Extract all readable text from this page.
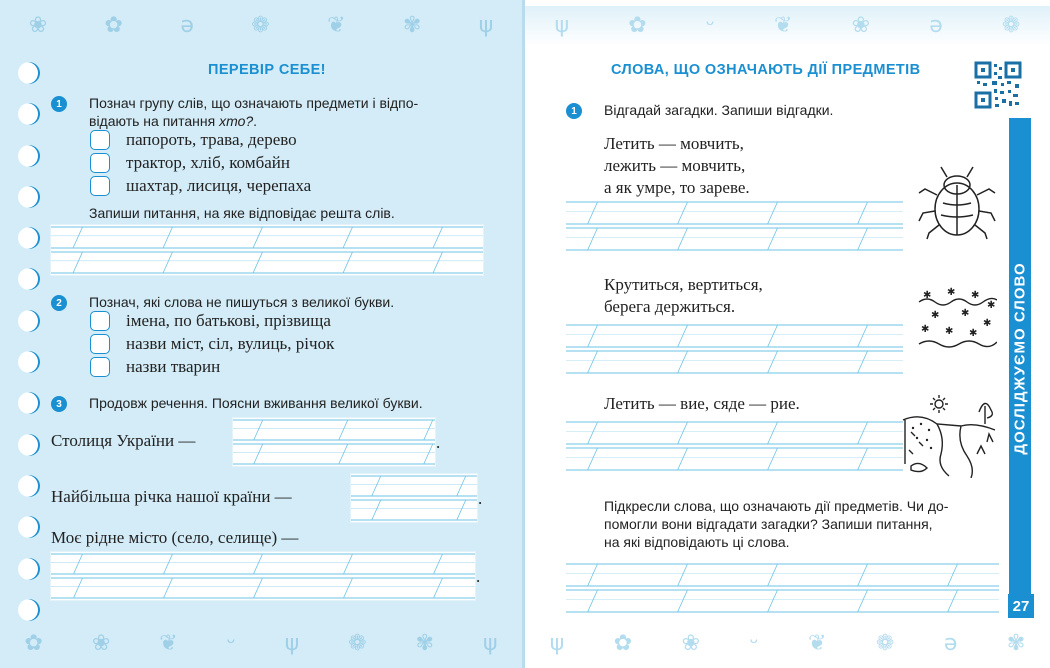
❀	✿	ǝ	❁	❦	✾	ψ
ПЕРЕВІР СЕБЕ!
1	Познач групу слів, що означають предмети і відпо-
відають на питання хто?.
папороть, трава, дерево
трактор, хліб, комбайн
шахтар, лисиця, черепаха
Запиши питання, на яке відповідає решта слів.
2	Познач, які слова не пишуться з великої букви.
імена, по батькові, прізвища
назви міст, сіл, вулиць, річок
назви тварин
3	Продовж речення. Поясни вживання великої букви.
Столиця України —	.
Найбільша річка нашої країни —	.
Моє рідне місто (село, селище) —
.
✿ ❀ ❦ ᵕ ψ ❁ ✾ ψ
ψ	✿	ᵕ	❦	❀	ǝ	❁
СЛОВА, ЩО ОЗНАЧАЮТЬ ДІЇ ПРЕДМЕТІВ
1	Відгадай загадки. Запиши відгадки.
Летить — мовчить,
лежить — мовчить,
а як умре, то зареве.
Крутиться, вертиться,
берега держиться.
✱ ✱ ✱
✱
✱ ✱
✱
✱ ✱ ✱
Летить — вие, сяде — рие.
Підкресли слова, що означають дії предметів. Чи до-
помогли вони відгадати загадки? Запиши питання,
на які відповідають ці слова.
ДОСЛІДЖУЄМО СЛОВО
27
ψ ✿ ❀ ᵕ ❦ ❁ ǝ ✾
